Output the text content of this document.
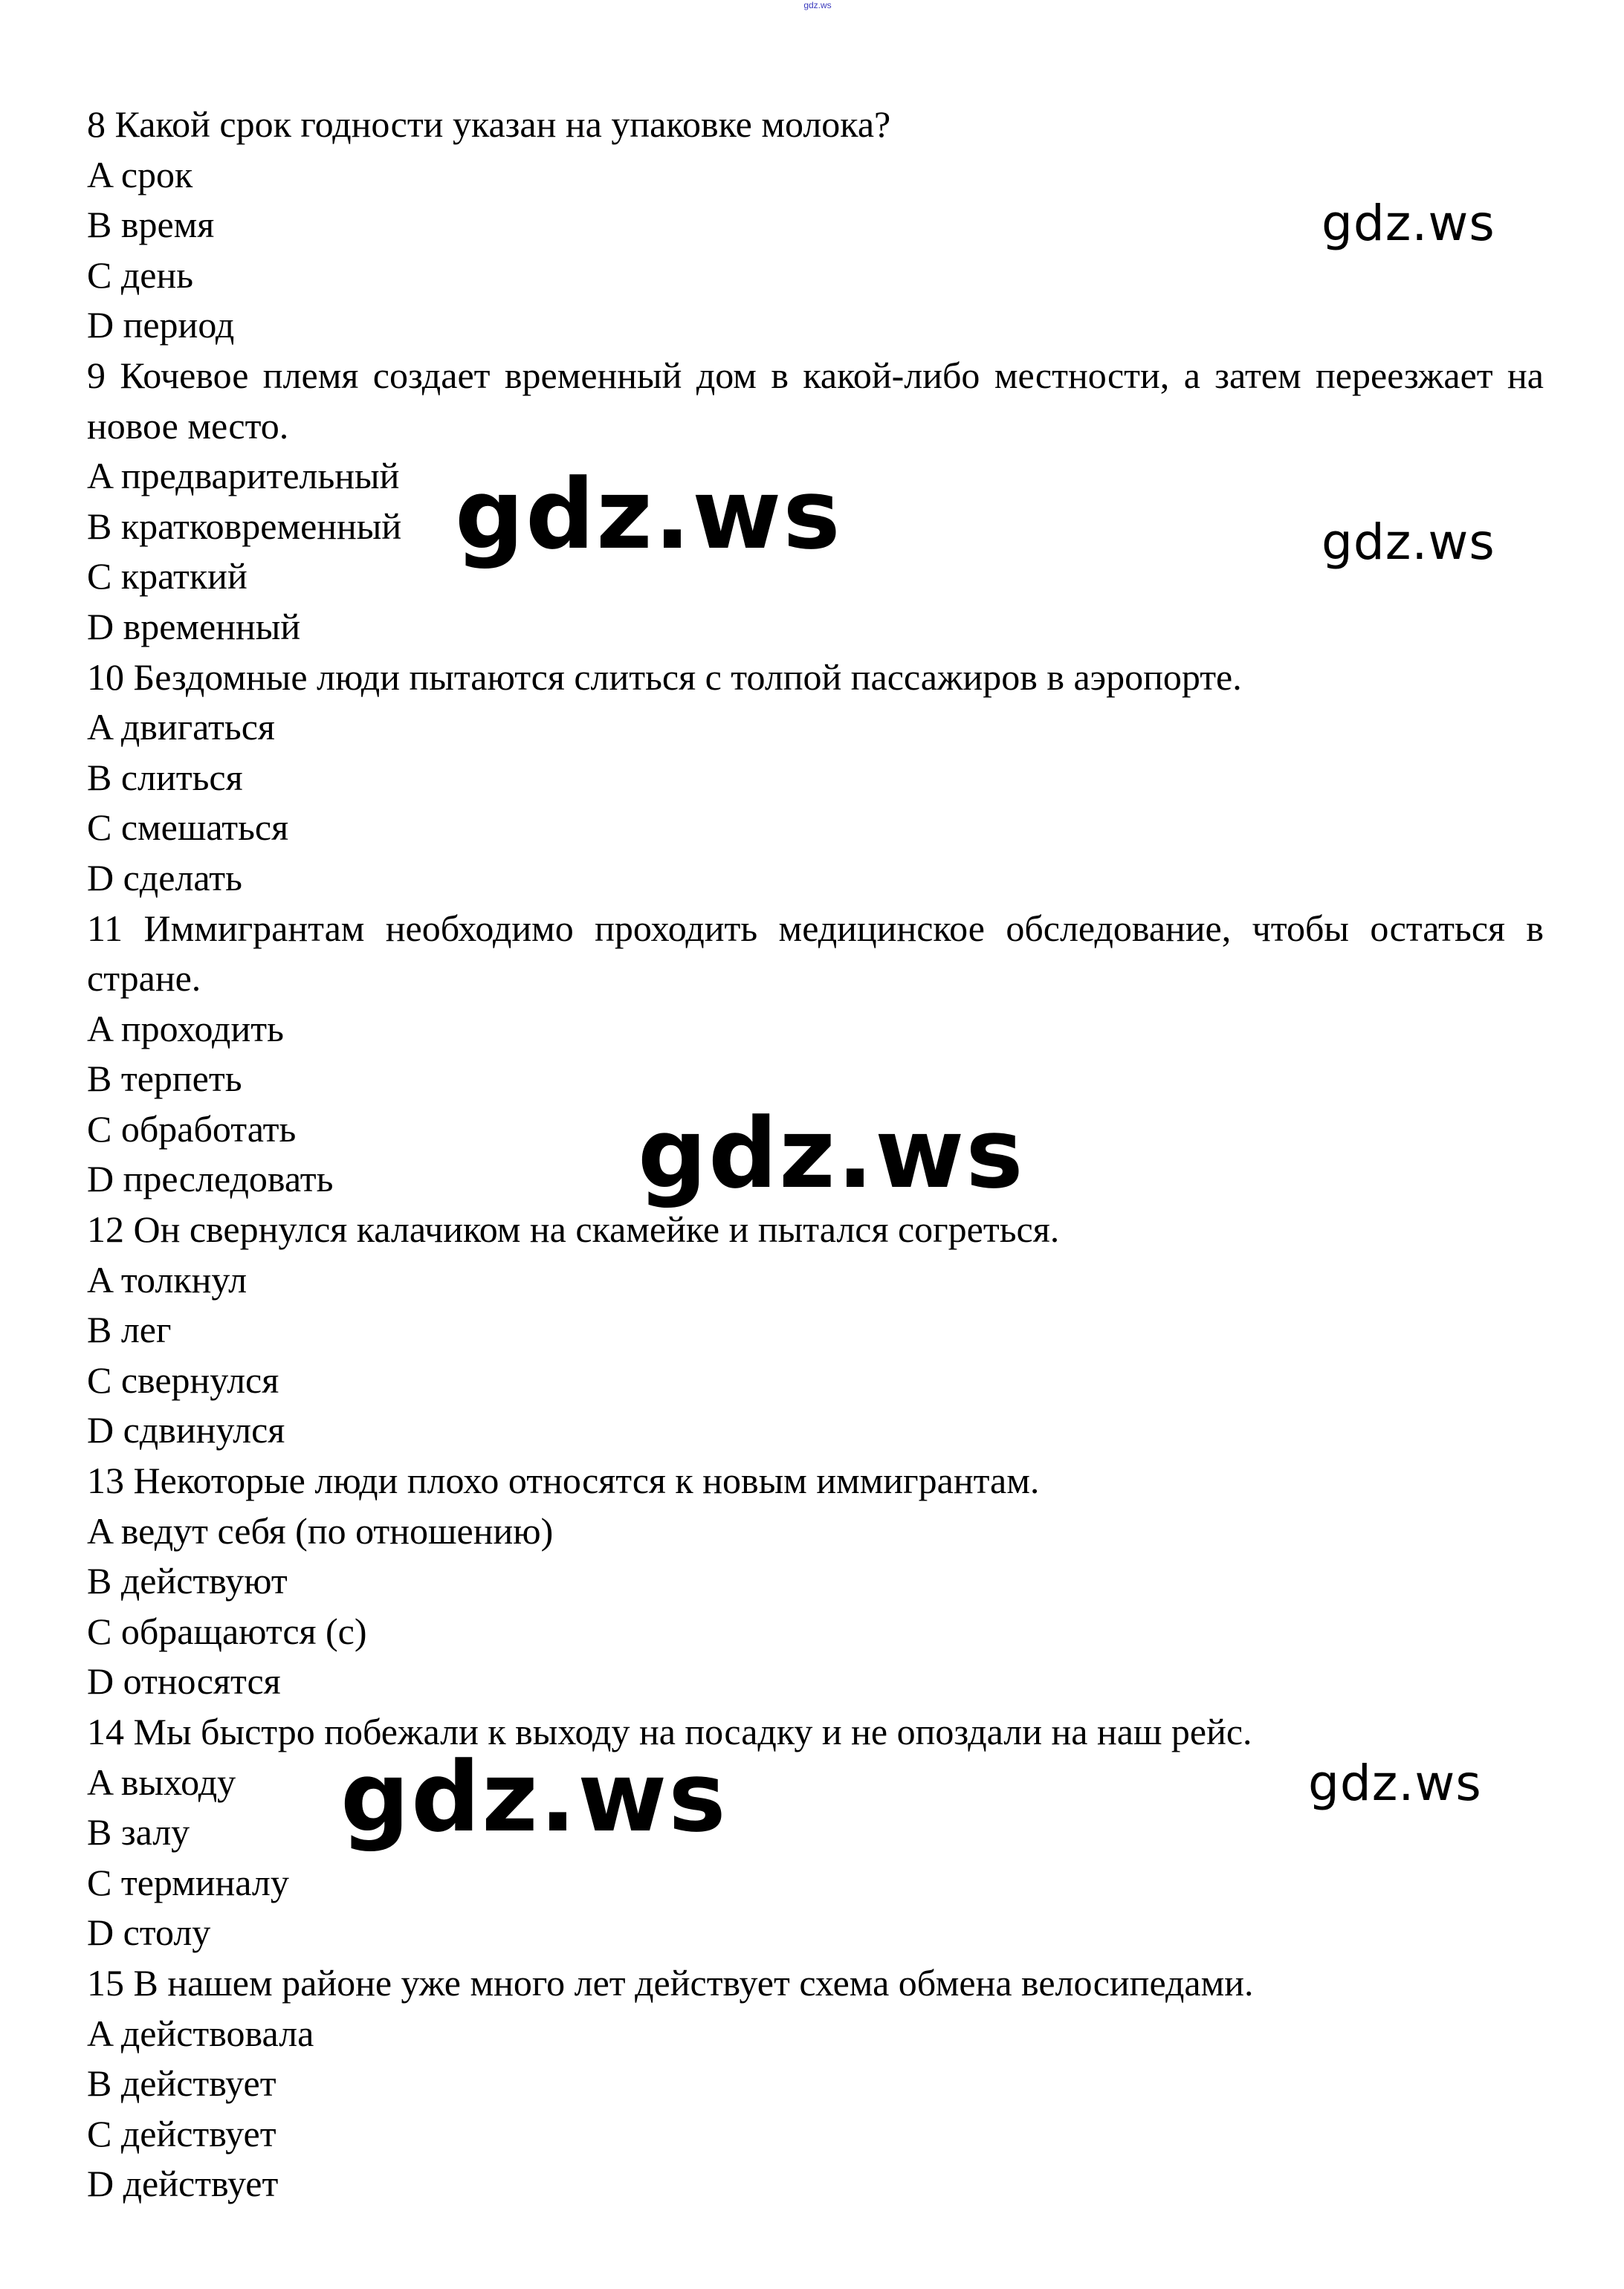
gdz.ws
8 Какой срок годности указан на упаковке молока?
A срок
B время
C день
D период
9 Кочевое племя создает временный дом в какой-либо местности, а затем переезжает на новое место.
A предварительный
B кратковременный
C краткий
D временный
10 Бездомные люди пытаются слиться с толпой пассажиров в аэропорте.
A двигаться
B слиться
C смешаться
D сделать
11 Иммигрантам необходимо проходить медицинское обследование, чтобы остаться в стране.
A проходить
B терпеть
C обработать
D преследовать
12 Он свернулся калачиком на скамейке и пытался согреться.
A толкнул
B лег
C свернулся
D сдвинулся
13 Некоторые люди плохо относятся к новым иммигрантам.
A ведут себя (по отношению)
B действуют
C обращаются (с)
D относятся
14 Мы быстро побежали к выходу на посадку и не опоздали на наш рейс.
A выходу
B залу
C терминалу
D столу
15 В нашем районе уже много лет действует схема обмена велосипедами.
A действовала
B действует
C действует
D действует
gdz.ws
gdz.ws	gdz.ws
gdz.ws
gdz.ws	gdz.ws
